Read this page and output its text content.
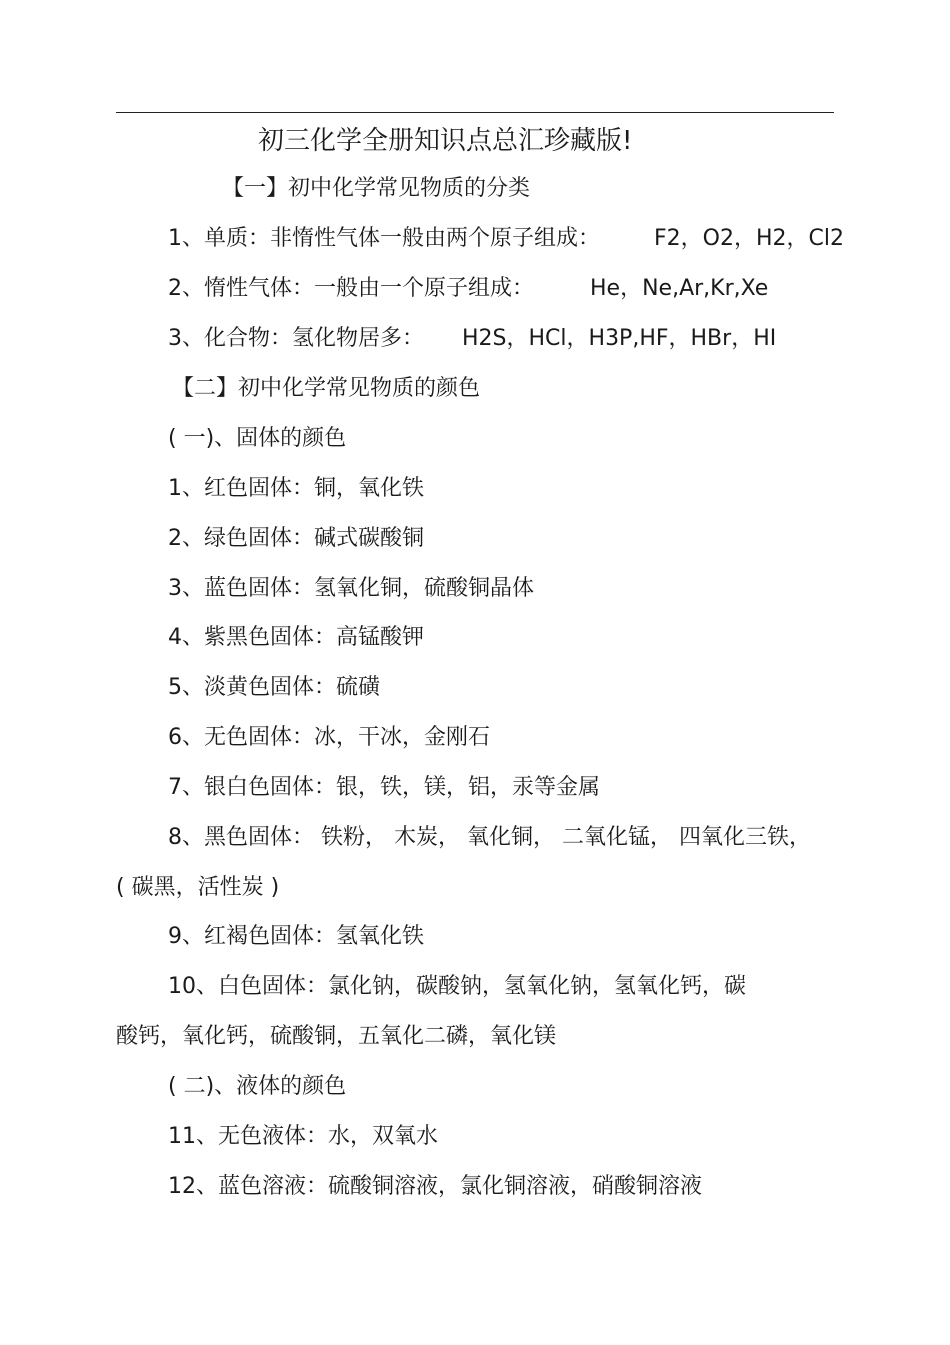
初三化学全册知识点总汇珍藏版!
【一】初中化学常见物质的分类

1、单质：非惰性气体一般由两个原子组成：

F2，O2，H2，Cl2

2、惰性气体：一般由一个原子组成：

	He，Ne,Ar,Kr,Xe

3、化合物：氢化物居多：

H2S，HCl，H3P,HF，HBr，HI

【二】初中化学常见物质的颜色
( 一)、固体的颜色
1、红色固体：铜，氧化铁
2、绿色固体：碱式碳酸铜
3、蓝色固体：氢氧化铜，硫酸铜晶体
4、紫黑色固体：高锰酸钾
5、淡黄色固体：硫磺
6、无色固体：冰，干冰，金刚石
7、银白色固体：银，铁，镁，铝，汞等金属
8、黑色固体： 铁粉， 木炭， 氧化铜， 二氧化锰， 四氧化三铁，
( 碳黑，活性炭 )
9、红褐色固体：氢氧化铁
10、白色固体：氯化钠，碳酸钠，氢氧化钠，氢氧化钙，碳
酸钙，氧化钙，硫酸铜，五氧化二磷，氧化镁
( 二)、液体的颜色
11、无色液体：水，双氧水
12、蓝色溶液：硫酸铜溶液，氯化铜溶液，硝酸铜溶液
